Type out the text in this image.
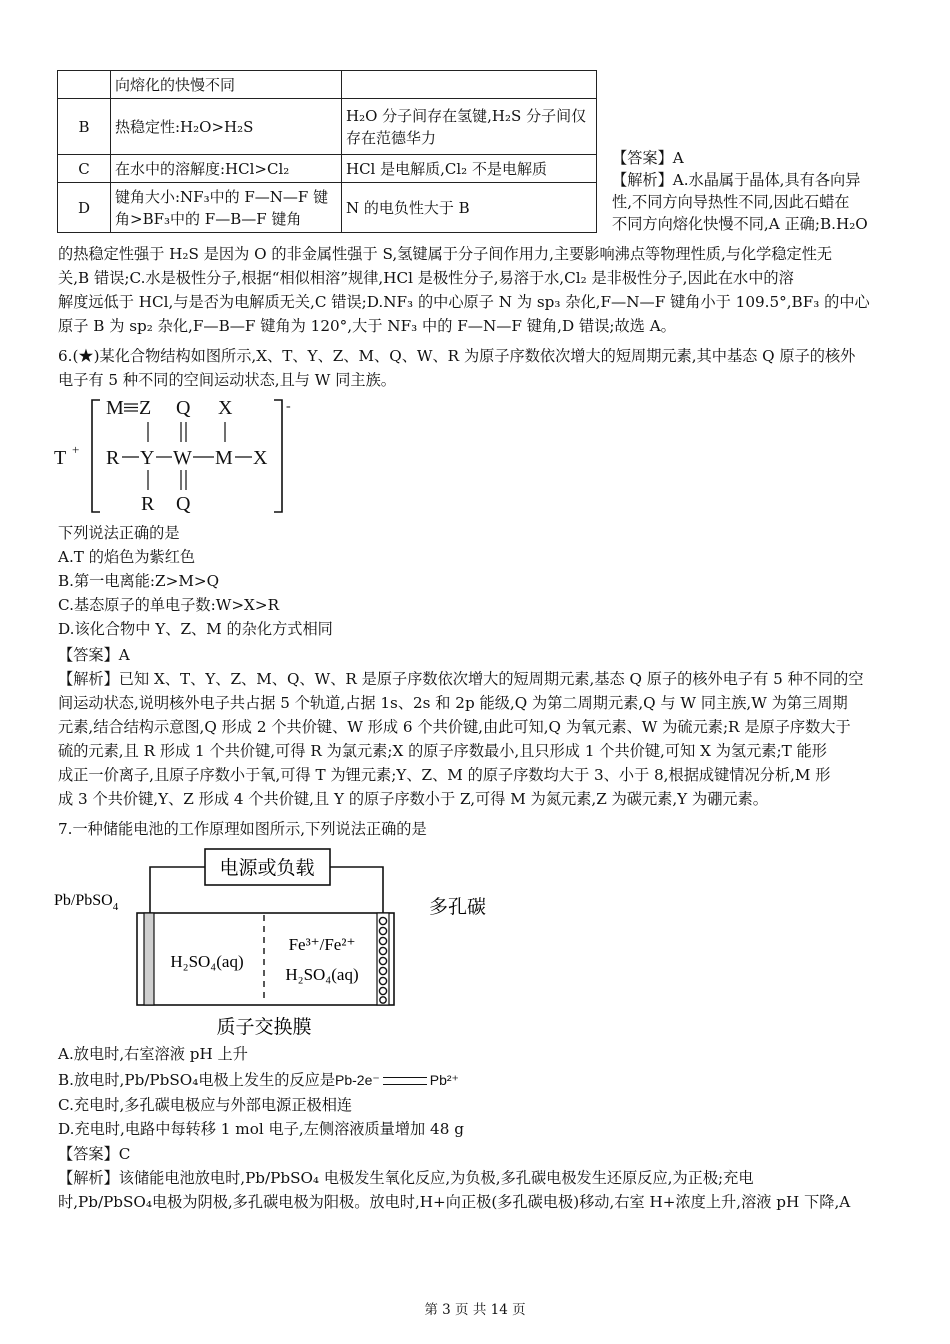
	向熔化的快慢不同	
B	热稳定性:H₂O>H₂S	H₂O 分子间存在氢键,H₂S 分子间仅存在范德华力
C	在水中的溶解度:HCl>Cl₂	HCl 是电解质,Cl₂ 不是电解质
D	键角大小:NF₃中的 F—N—F 键角>BF₃中的 F—B—F 键角	N 的电负性大于 B
【答案】A
【解析】A.水晶属于晶体,具有各向异
性,不同方向导热性不同,因此石蜡在
不同方向熔化快慢不同,A 正确;B.H₂O
的热稳定性强于 H₂S 是因为 O 的非金属性强于 S,氢键属于分子间作用力,主要影响沸点等物理性质,与化学稳定性无
关,B 错误;C.水是极性分子,根据“相似相溶”规律,HCl 是极性分子,易溶于水,Cl₂ 是非极性分子,因此在水中的溶
解度远低于 HCl,与是否为电解质无关,C 错误;D.NF₃ 的中心原子 N 为 sp₃ 杂化,F—N—F 键角小于 109.5°,BF₃ 的中心
原子 B 为 sp₂ 杂化,F—B—F 键角为 120°,大于 NF₃ 中的 F—N—F 键角,D 错误;故选 A。
6.(★)某化合物结构如图所示,X、T、Y、Z、M、Q、W、R 为原子序数依次增大的短周期元素,其中基态 Q 原子的核外
电子有 5 种不同的空间运动状态,且与 W 同主族。
T +
-
M Z Q X
R Y W M X
R Q
下列说法正确的是
A.T 的焰色为紫红色
B.第一电离能:Z>M>Q
C.基态原子的单电子数:W>X>R
D.该化合物中 Y、Z、M 的杂化方式相同
【答案】A
【解析】已知 X、T、Y、Z、M、Q、W、R 是原子序数依次增大的短周期元素,基态 Q 原子的核外电子有 5 种不同的空
间运动状态,说明核外电子共占据 5 个轨道,占据 1s、2s 和 2p 能级,Q 为第二周期元素,Q 与 W 同主族,W 为第三周期
元素,结合结构示意图,Q 形成 2 个共价键、W 形成 6 个共价键,由此可知,Q 为氧元素、W 为硫元素;R 是原子序数大于
硫的元素,且 R 形成 1 个共价键,可得 R 为氯元素;X 的原子序数最小,且只形成 1 个共价键,可知 X 为氢元素;T 能形
成正一价离子,且原子序数小于氧,可得 T 为锂元素;Y、Z、M 的原子序数均大于 3、小于 8,根据成键情况分析,M 形
成 3 个共价键,Y、Z 形成 4 个共价键,且 Y 的原子序数小于 Z,可得 M 为氮元素,Z 为碳元素,Y 为硼元素。
7.一种储能电池的工作原理如图所示,下列说法正确的是
电源或负载
Pb/PbSO$_4$	多孔碳
H₂SO₄(aq)
Fe³⁺/Fe²⁺
H₂SO₄(aq)
质子交换膜
A.放电时,右室溶液 pH 上升
B.放电时,Pb/PbSO₄电极上发生的反应是Pb-2e⁻	Pb²⁺
C.充电时,多孔碳电极应与外部电源正极相连
D.充电时,电路中每转移 1 mol 电子,左侧溶液质量增加 48 g
【答案】C
【解析】该储能电池放电时,Pb/PbSO₄ 电极发生氧化反应,为负极,多孔碳电极发生还原反应,为正极;充电
时,Pb/PbSO₄电极为阴极,多孔碳电极为阳极。放电时,H+向正极(多孔碳电极)移动,右室 H+浓度上升,溶液 pH 下降,A
第 3 页 共 14 页
